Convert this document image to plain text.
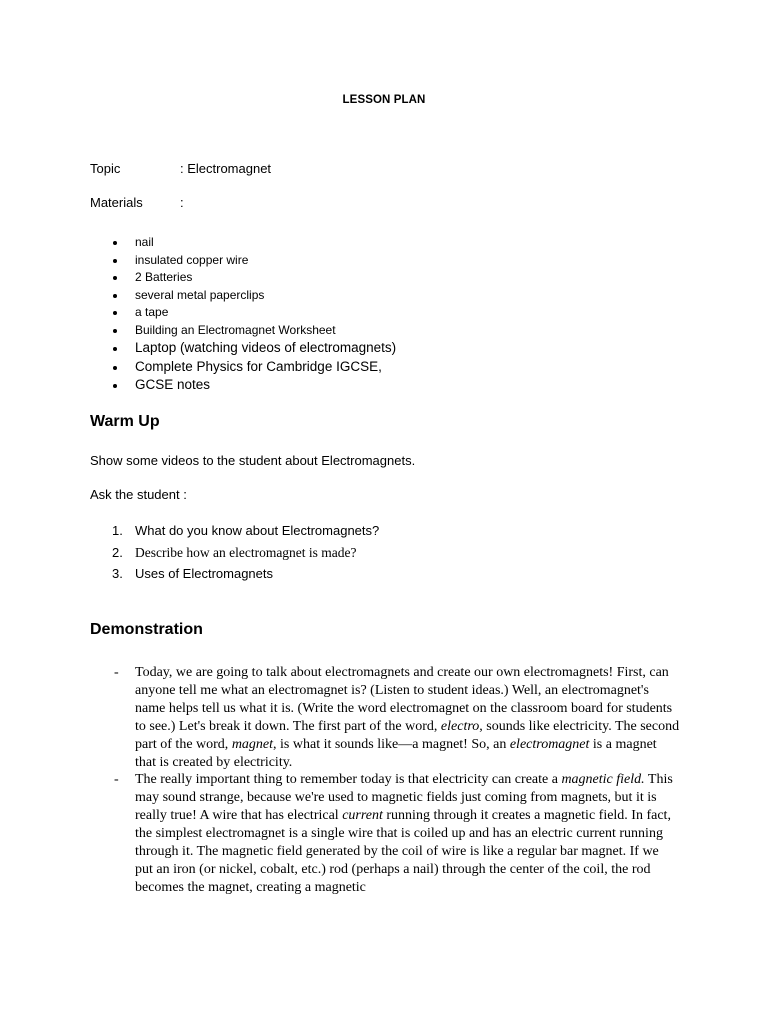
LESSON PLAN
Topic	: Electromagnet
Materials	:
nail
insulated copper wire
2 Batteries
several metal paperclips
a tape
Building an Electromagnet Worksheet
Laptop (watching videos of electromagnets)
Complete Physics for Cambridge IGCSE,
GCSE notes
Warm Up
Show some videos to the student about Electromagnets.
Ask the student :
1. What do you know about Electromagnets?
2. Describe how an electromagnet is made?
3. Uses of Electromagnets
Demonstration
- Today, we are going to talk about electromagnets and create our own electromagnets! First, can anyone tell me what an electromagnet is? (Listen to student ideas.) Well, an electromagnet's name helps tell us what it is. (Write the word electromagnet on the classroom board for students to see.) Let's break it down. The first part of the word, electro, sounds like electricity. The second part of the word, magnet, is what it sounds like—a magnet! So, an electromagnet is a magnet that is created by electricity.
- The really important thing to remember today is that electricity can create a magnetic field. This may sound strange, because we're used to magnetic fields just coming from magnets, but it is really true! A wire that has electrical current running through it creates a magnetic field. In fact, the simplest electromagnet is a single wire that is coiled up and has an electric current running through it. The magnetic field generated by the coil of wire is like a regular bar magnet. If we put an iron (or nickel, cobalt, etc.) rod (perhaps a nail) through the center of the coil, the rod becomes the magnet, creating a magnetic
